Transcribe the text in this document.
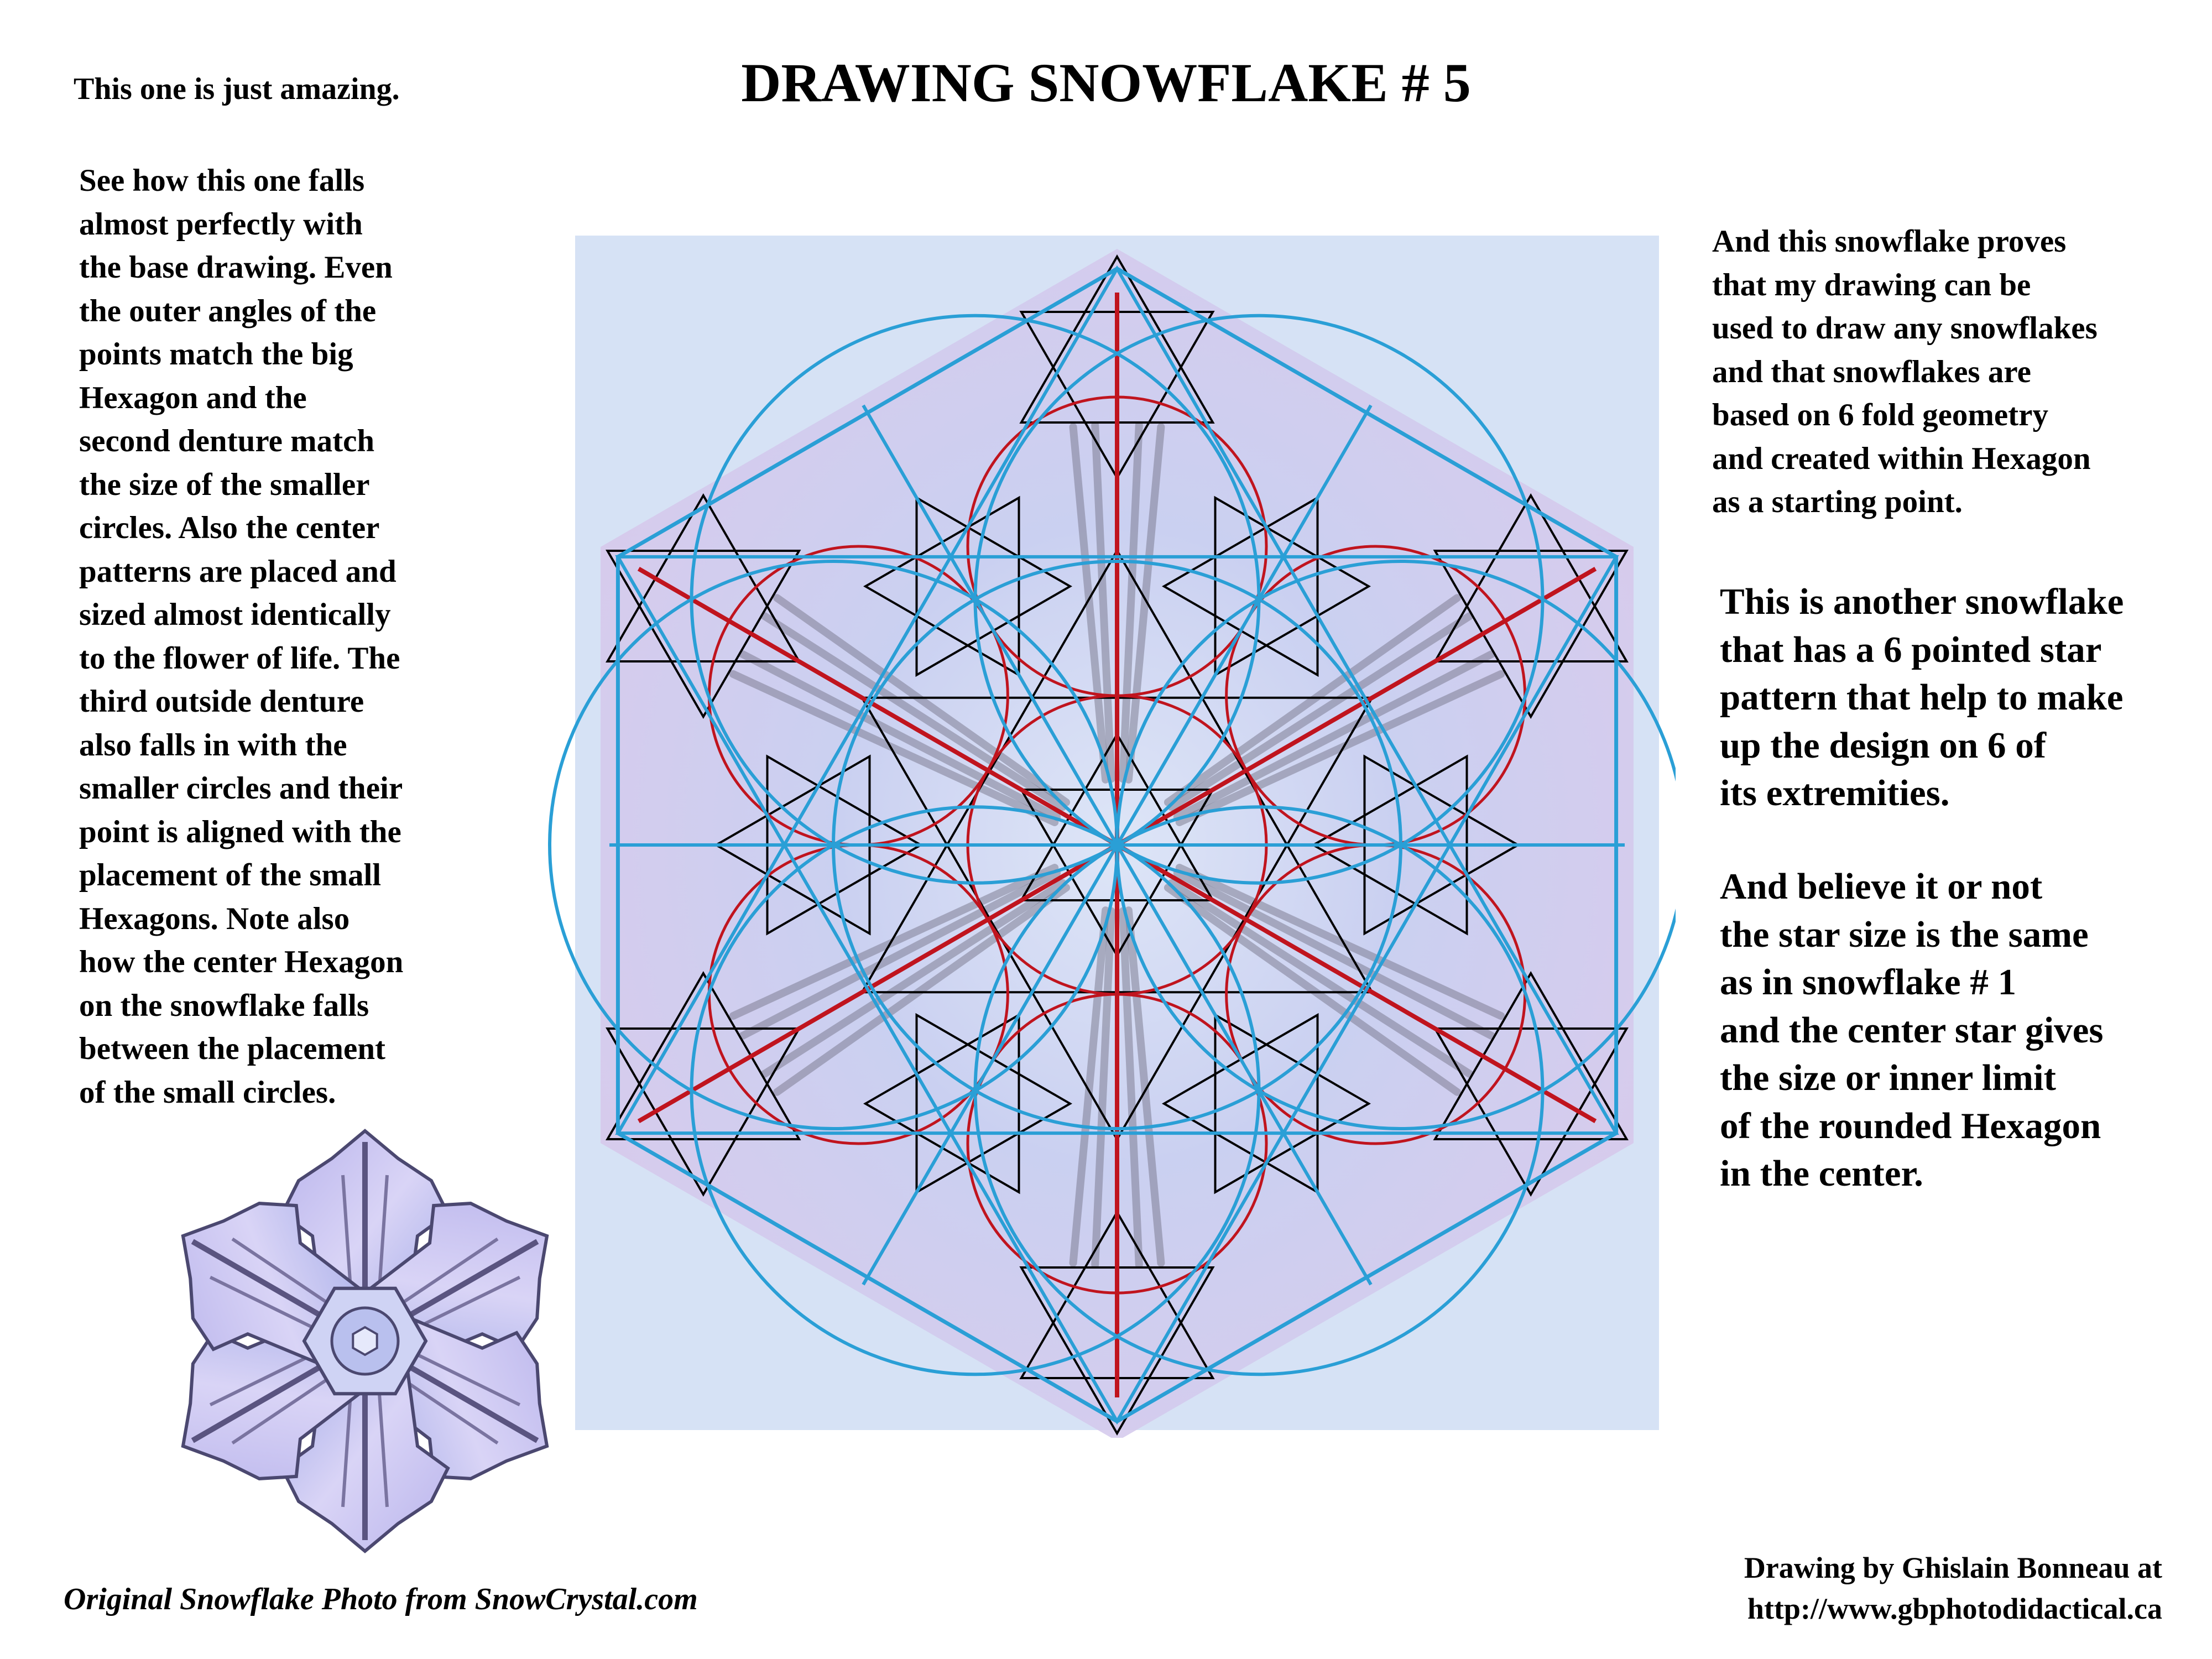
DRAWING SNOWFLAKE # 5
This one is just amazing.

See how this one falls

almost perfectly with

the base drawing. Even

the outer angles of the

points match the big

Hexagon and the

second denture match

the size of the smaller

circles. Also the center

patterns are placed and

sized almost identically

to the flower of life. The

third outside denture

also falls in with the

smaller circles and their

point is aligned with the

placement of the small

Hexagons. Note also

how the center Hexagon

on the snowflake falls

between the placement

of the small circles.

And this snowflake proves

that my drawing can be

used to draw any snowflakes

and that snowflakes are

based on 6 fold geometry

and created within Hexagon

as a starting point.

This is another snowflake

that has a 6 pointed star

pattern that help to make

up the design on 6 of

its extremities.

And believe it or not

the star size is the same

as in snowflake # 1

and the center star gives

the size or inner limit

of the rounded Hexagon

in the center.

Drawing by Ghislain Bonneau at

http://www.gbphotodidactical.ca

Original Snowflake Photo from SnowCrystal.com
